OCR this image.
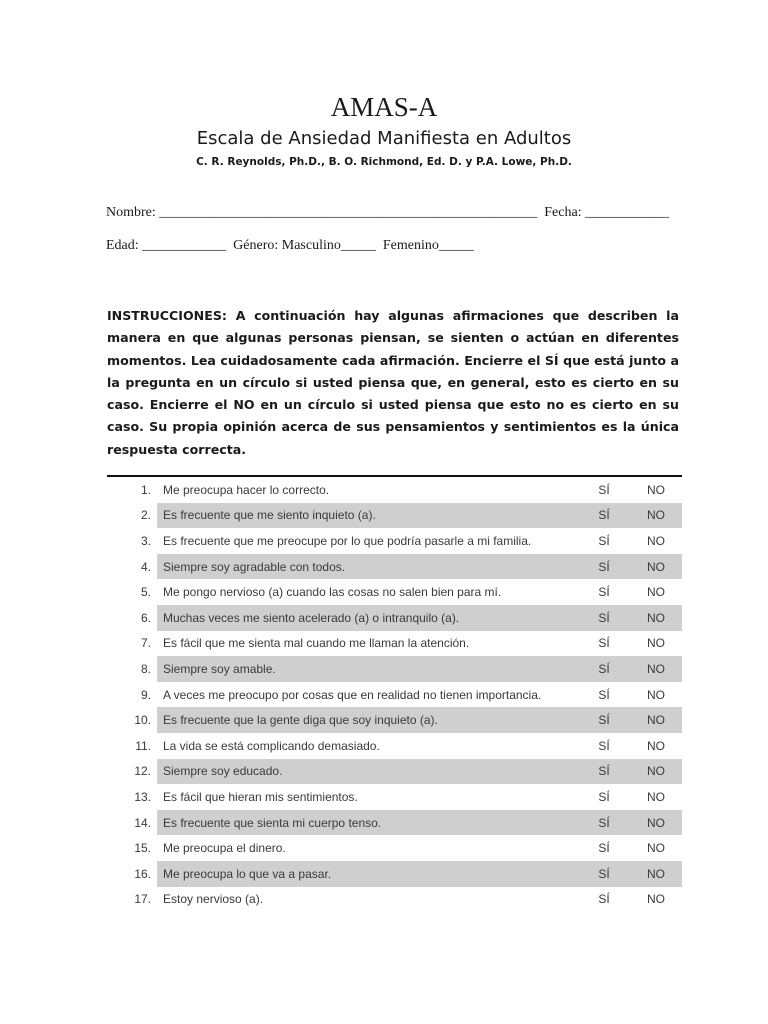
AMAS-A
Escala de Ansiedad Manifiesta en Adultos
C. R. Reynolds, Ph.D., B. O. Richmond, Ed. D. y P.A. Lowe, Ph.D.
Nombre: ______________________________________________________  Fecha: ____________
Edad: ____________  Género: Masculino_____  Femenino_____
INSTRUCCIONES: A continuación hay algunas afirmaciones que describen la manera en que algunas personas piensan, se sienten o actúan en diferentes momentos. Lea cuidadosamente cada afirmación. Encierre el SÍ que está junto a la pregunta en un círculo si usted piensa que, en general, esto es cierto en su caso. Encierre el NO en un círculo si usted piensa que esto no es cierto en su caso. Su propia opinión acerca de sus pensamientos y sentimientos es la única respuesta correcta.
1.	Me preocupa hacer lo correcto.	SÍ	NO
2.	Es frecuente que me siento inquieto (a).	SÍ	NO
3.	Es frecuente que me preocupe por lo que podría pasarle a mi familia.	SÍ	NO
4.	Siempre soy agradable con todos.	SÍ	NO
5.	Me pongo nervioso (a) cuando las cosas no salen bien para mí.	SÍ	NO
6.	Muchas veces me siento acelerado (a) o intranquilo (a).	SÍ	NO
7.	Es fácil que me sienta mal cuando me llaman la atención.	SÍ	NO
8.	Siempre soy amable.	SÍ	NO
9.	A veces me preocupo por cosas que en realidad no tienen importancia.	SÍ	NO
10.	Es frecuente que la gente diga que soy inquieto (a).	SÍ	NO
11.	La vida se está complicando demasiado.	SÍ	NO
12.	Siempre soy educado.	SÍ	NO
13.	Es fácil que hieran mis sentimientos.	SÍ	NO
14.	Es frecuente que sienta mi cuerpo tenso.	SÍ	NO
15.	Me preocupa el dinero.	SÍ	NO
16.	Me preocupa lo que va a pasar.	SÍ	NO
17.	Estoy nervioso (a).	SÍ	NO
